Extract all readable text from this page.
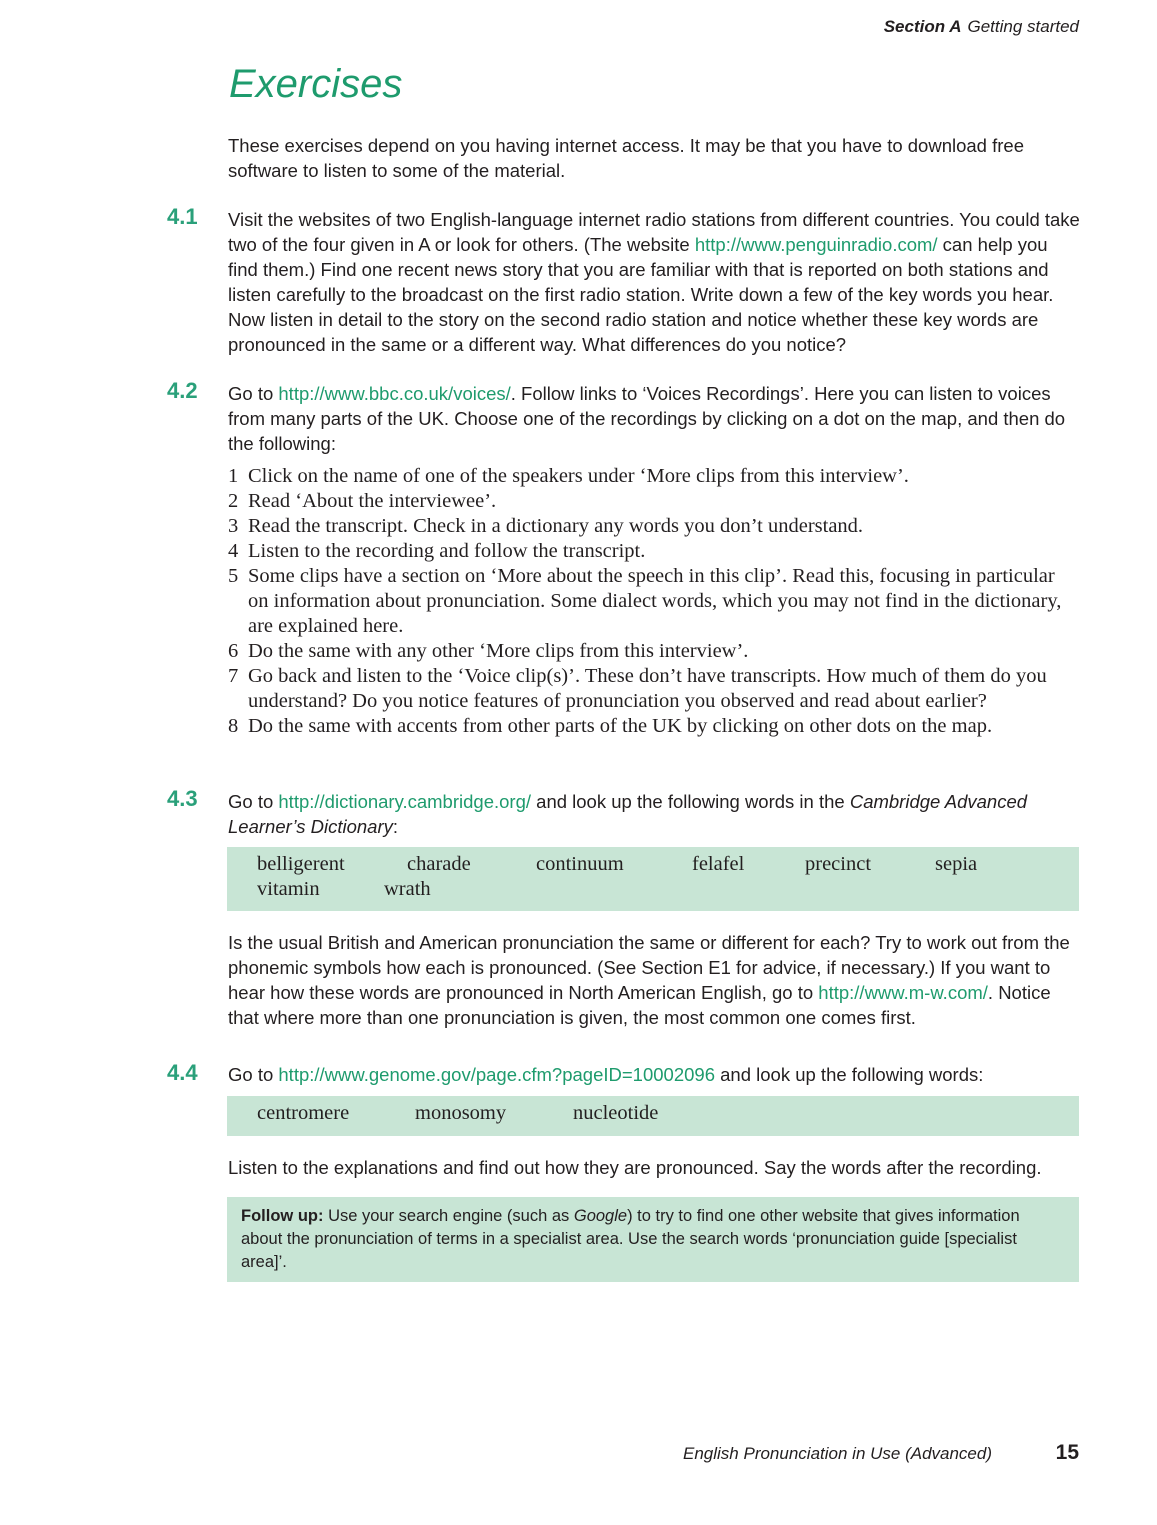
Section A Getting started
Exercises

These exercises depend on you having internet access. It may be that you have to download free software to listen to some of the material.

4.1 Visit the websites of two English-language internet radio stations from different countries. You could take two of the four given in A or look for others. (The website http://www.penguinradio.com/ can help you find them.) Find one recent news story that you are familiar with that is reported on both stations and listen carefully to the broadcast on the first radio station. Write down a few of the key words you hear. Now listen in detail to the story on the second radio station and notice whether these key words are pronounced in the same or a different way. What differences do you notice?

4.2 Go to http://www.bbc.co.uk/voices/. Follow links to ‘Voices Recordings’. Here you can listen to voices from many parts of the UK. Choose one of the recordings by clicking on a dot on the map, and then do the following:

1 Click on the name of one of the speakers under ‘More clips from this interview’.
2 Read ‘About the interviewee’.
3 Read the transcript. Check in a dictionary any words you don’t understand.
4 Listen to the recording and follow the transcript.
5 Some clips have a section on ‘More about the speech in this clip’. Read this, focusing in particular on information about pronunciation. Some dialect words, which you may not find in the dictionary, are explained here.
6 Do the same with any other ‘More clips from this interview’.
7 Go back and listen to the ‘Voice clip(s)’. These don’t have transcripts. How much of them do you understand? Do you notice features of pronunciation you observed and read about earlier?
8 Do the same with accents from other parts of the UK by clicking on other dots on the map.
4.3 Go to http://dictionary.cambridge.org/ and look up the following words in the Cambridge Advanced Learner’s Dictionary:

belligerent	charade	continuum	felafel	precinct	sepia
vitamin	wrath

Is the usual British and American pronunciation the same or different for each? Try to work out from the phonemic symbols how each is pronounced. (See Section E1 for advice, if necessary.) If you want to hear how these words are pronounced in North American English, go to http://www.m-w.com/. Notice that where more than one pronunciation is given, the most common one comes first.

4.4 Go to http://www.genome.gov/page.cfm?pageID=10002096 and look up the following words:

centromere	monosomy	nucleotide

Listen to the explanations and find out how they are pronounced. Say the words after the recording.

Follow up: Use your search engine (such as Google) to try to find one other website that gives information about the pronunciation of terms in a specialist area. Use the search words ‘pronunciation guide [specialist area]’.
English Pronunciation in Use (Advanced)	15
